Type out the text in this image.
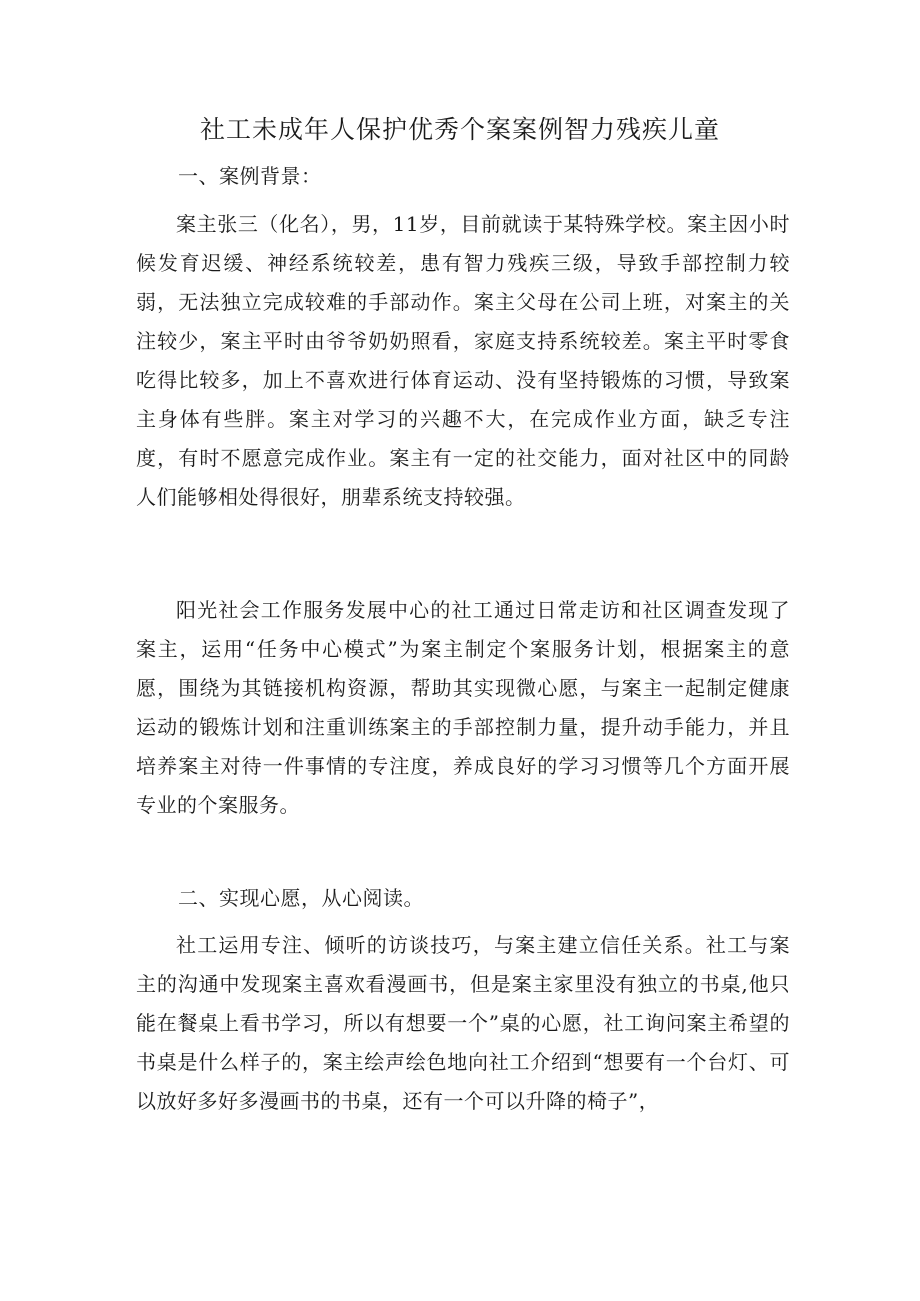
社工未成年人保护优秀个案案例智力残疾儿童
一、案例背景：

案主张三（化名），男，11岁，目前就读于某特殊学校。案主因小时候发育迟缓、神经系统较差，患有智力残疾三级，导致手部控制力较弱，无法独立完成较难的手部动作。案主父母在公司上班，对案主的关注较少，案主平时由爷爷奶奶照看，家庭支持系统较差。案主平时零食吃得比较多，加上不喜欢进行体育运动、没有坚持锻炼的习惯，导致案主身体有些胖。案主对学习的兴趣不大，在完成作业方面，缺乏专注度，有时不愿意完成作业。案主有一定的社交能力，面对社区中的同龄人们能够相处得很好，朋辈系统支持较强。

阳光社会工作服务发展中心的社工通过日常走访和社区调查发现了案主，运用“任务中心模式”为案主制定个案服务计划，根据案主的意愿，围绕为其链接机构资源，帮助其实现微心愿，与案主一起制定健康运动的锻炼计划和注重训练案主的手部控制力量，提升动手能力，并且培养案主对待一件事情的专注度，养成良好的学习习惯等几个方面开展专业的个案服务。

二、实现心愿，从心阅读。

社工运用专注、倾听的访谈技巧，与案主建立信任关系。社工与案主的沟通中发现案主喜欢看漫画书，但是案主家里没有独立的书桌,他只能在餐桌上看书学习，所以有想要一个”桌的心愿，社工询问案主希望的书桌是什么样子的，案主绘声绘色地向社工介绍到“想要有一个台灯、可以放好多好多漫画书的书桌，还有一个可以升降的椅子”，
